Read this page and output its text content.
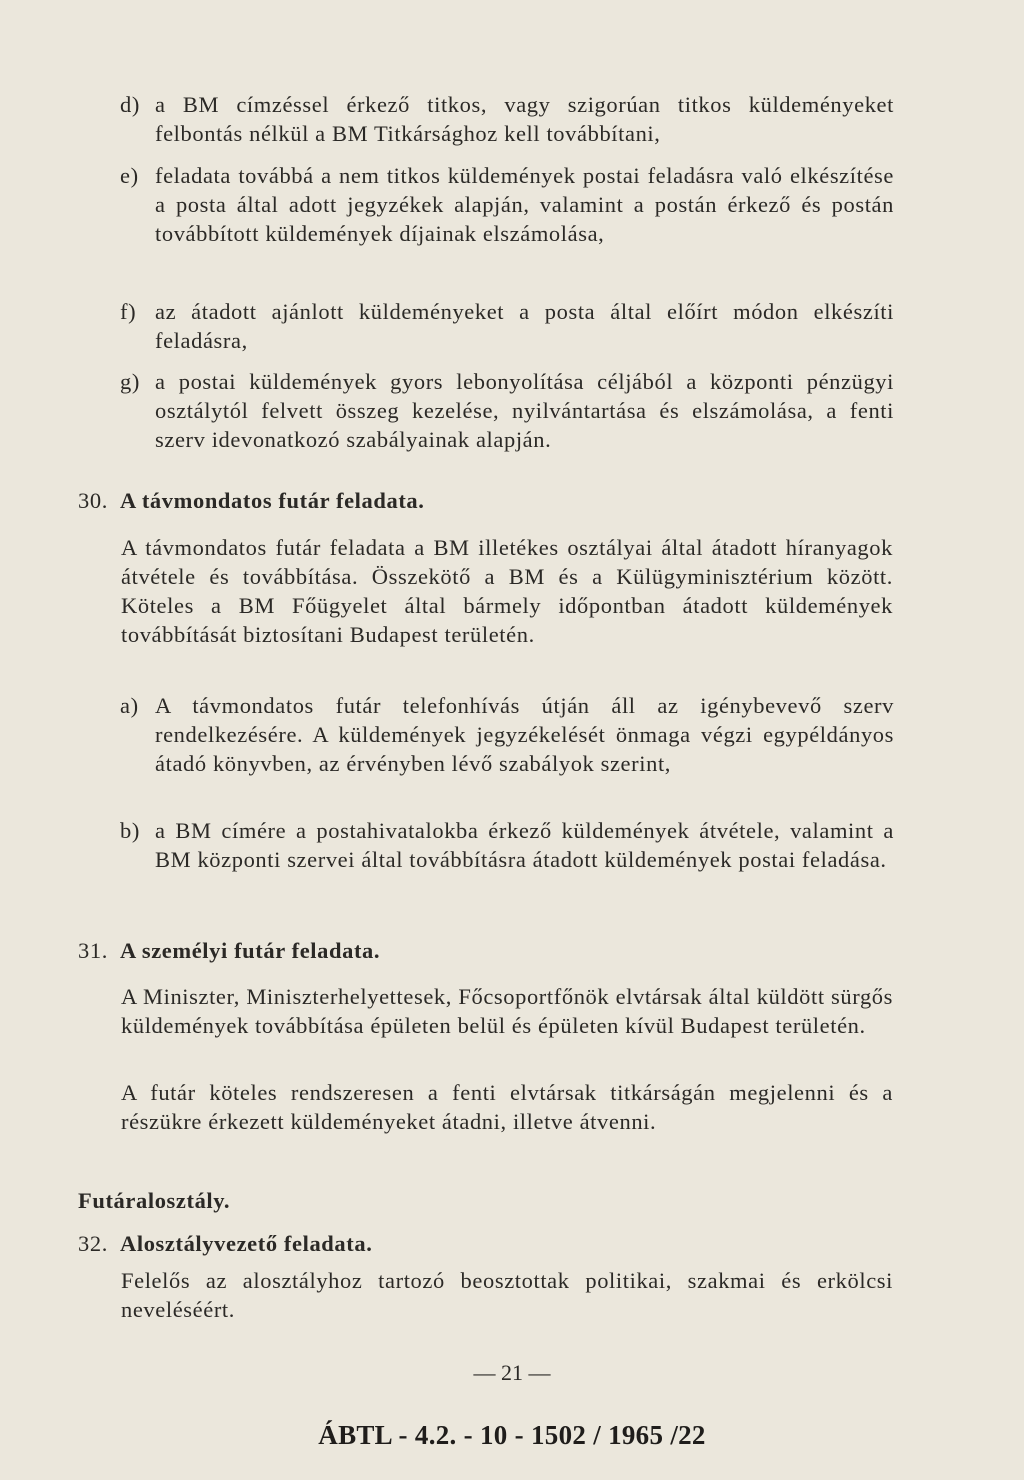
d) a BM címzéssel érkező titkos, vagy szigorúan titkos küldeményeket felbontás nélkül a BM Titkársághoz kell továbbítani,
e) feladata továbbá a nem titkos küldemények postai feladásra való elkészítése a posta által adott jegyzékek alapján, valamint a postán érkező és postán továbbított küldemények díjainak elszámolása,
f) az átadott ajánlott küldeményeket a posta által előírt módon elkészíti feladásra,
g) a postai küldemények gyors lebonyolítása céljából a központi pénzügyi osztálytól felvett összeg kezelése, nyilvántartása és elszámolása, a fenti szerv idevonatkozó szabályainak alapján.
30. A távmondatos futár feladata.
A távmondatos futár feladata a BM illetékes osztályai által átadott híranyagok átvétele és továbbítása. Összekötő a BM és a Külügyminisztérium között. Köteles a BM Főügyelet által bármely időpontban átadott küldemények továbbítását biztosítani Budapest területén.
a) A távmondatos futár telefonhívás útján áll az igénybevevő szerv rendelkezésére. A küldemények jegyzékelését önmaga végzi egypéldányos átadó könyvben, az érvényben lévő szabályok szerint,
b) a BM címére a postahivatalokba érkező küldemények átvétele, valamint a BM központi szervei által továbbításra átadott küldemények postai feladása.
31. A személyi futár feladata.
A Miniszter, Miniszterhelyettesek, Főcsoportfőnök elvtársak által küldött sürgős küldemények továbbítása épületen belül és épületen kívül Budapest területén.
A futár köteles rendszeresen a fenti elvtársak titkárságán megjelenni és a részükre érkezett küldeményeket átadni, illetve átvenni.
Futáralosztály.
32. Alosztályvezető feladata.
Felelős az alosztályhoz tartozó beosztottak politikai, szakmai és erkölcsi neveléséért.
— 21 —
ÁBTL - 4.2. - 10 - 1502 / 1965 /22
